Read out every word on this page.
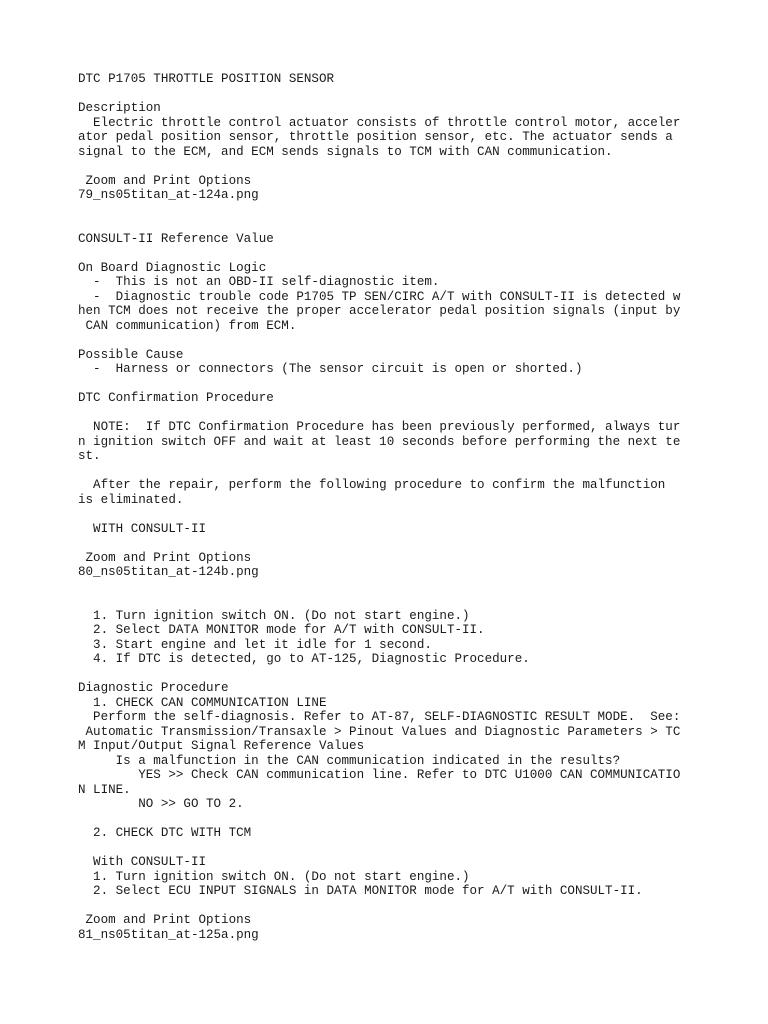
DTC P1705 THROTTLE POSITION SENSOR
Description
Electric throttle control actuator consists of throttle control motor, acceler
ator pedal position sensor, throttle position sensor, etc. The actuator sends a
signal to the ECM, and ECM sends signals to TCM with CAN communication.
Zoom and Print Options
79_ns05titan_at-124a.png
CONSULT-II Reference Value
On Board Diagnostic Logic
-  This is not an OBD-II self-diagnostic item.
-  Diagnostic trouble code P1705 TP SEN/CIRC A/T with CONSULT-II is detected w
hen TCM does not receive the proper accelerator pedal position signals (input by
CAN communication) from ECM.
Possible Cause
-  Harness or connectors (The sensor circuit is open or shorted.)
DTC Confirmation Procedure
NOTE:  If DTC Confirmation Procedure has been previously performed, always tur
n ignition switch OFF and wait at least 10 seconds before performing the next te
st.
After the repair, perform the following procedure to confirm the malfunction
is eliminated.
WITH CONSULT-II
Zoom and Print Options
80_ns05titan_at-124b.png
1. Turn ignition switch ON. (Do not start engine.)
2. Select DATA MONITOR mode for A/T with CONSULT-II.
3. Start engine and let it idle for 1 second.
4. If DTC is detected, go to AT-125, Diagnostic Procedure.
Diagnostic Procedure
1. CHECK CAN COMMUNICATION LINE
Perform the self-diagnosis. Refer to AT-87, SELF-DIAGNOSTIC RESULT MODE.  See:
Automatic Transmission/Transaxle > Pinout Values and Diagnostic Parameters > TC
M Input/Output Signal Reference Values
Is a malfunction in the CAN communication indicated in the results?
YES >> Check CAN communication line. Refer to DTC U1000 CAN COMMUNICATIO
N LINE.
NO >> GO TO 2.
2. CHECK DTC WITH TCM
With CONSULT-II
1. Turn ignition switch ON. (Do not start engine.)
2. Select ECU INPUT SIGNALS in DATA MONITOR mode for A/T with CONSULT-II.
Zoom and Print Options
81_ns05titan_at-125a.png
